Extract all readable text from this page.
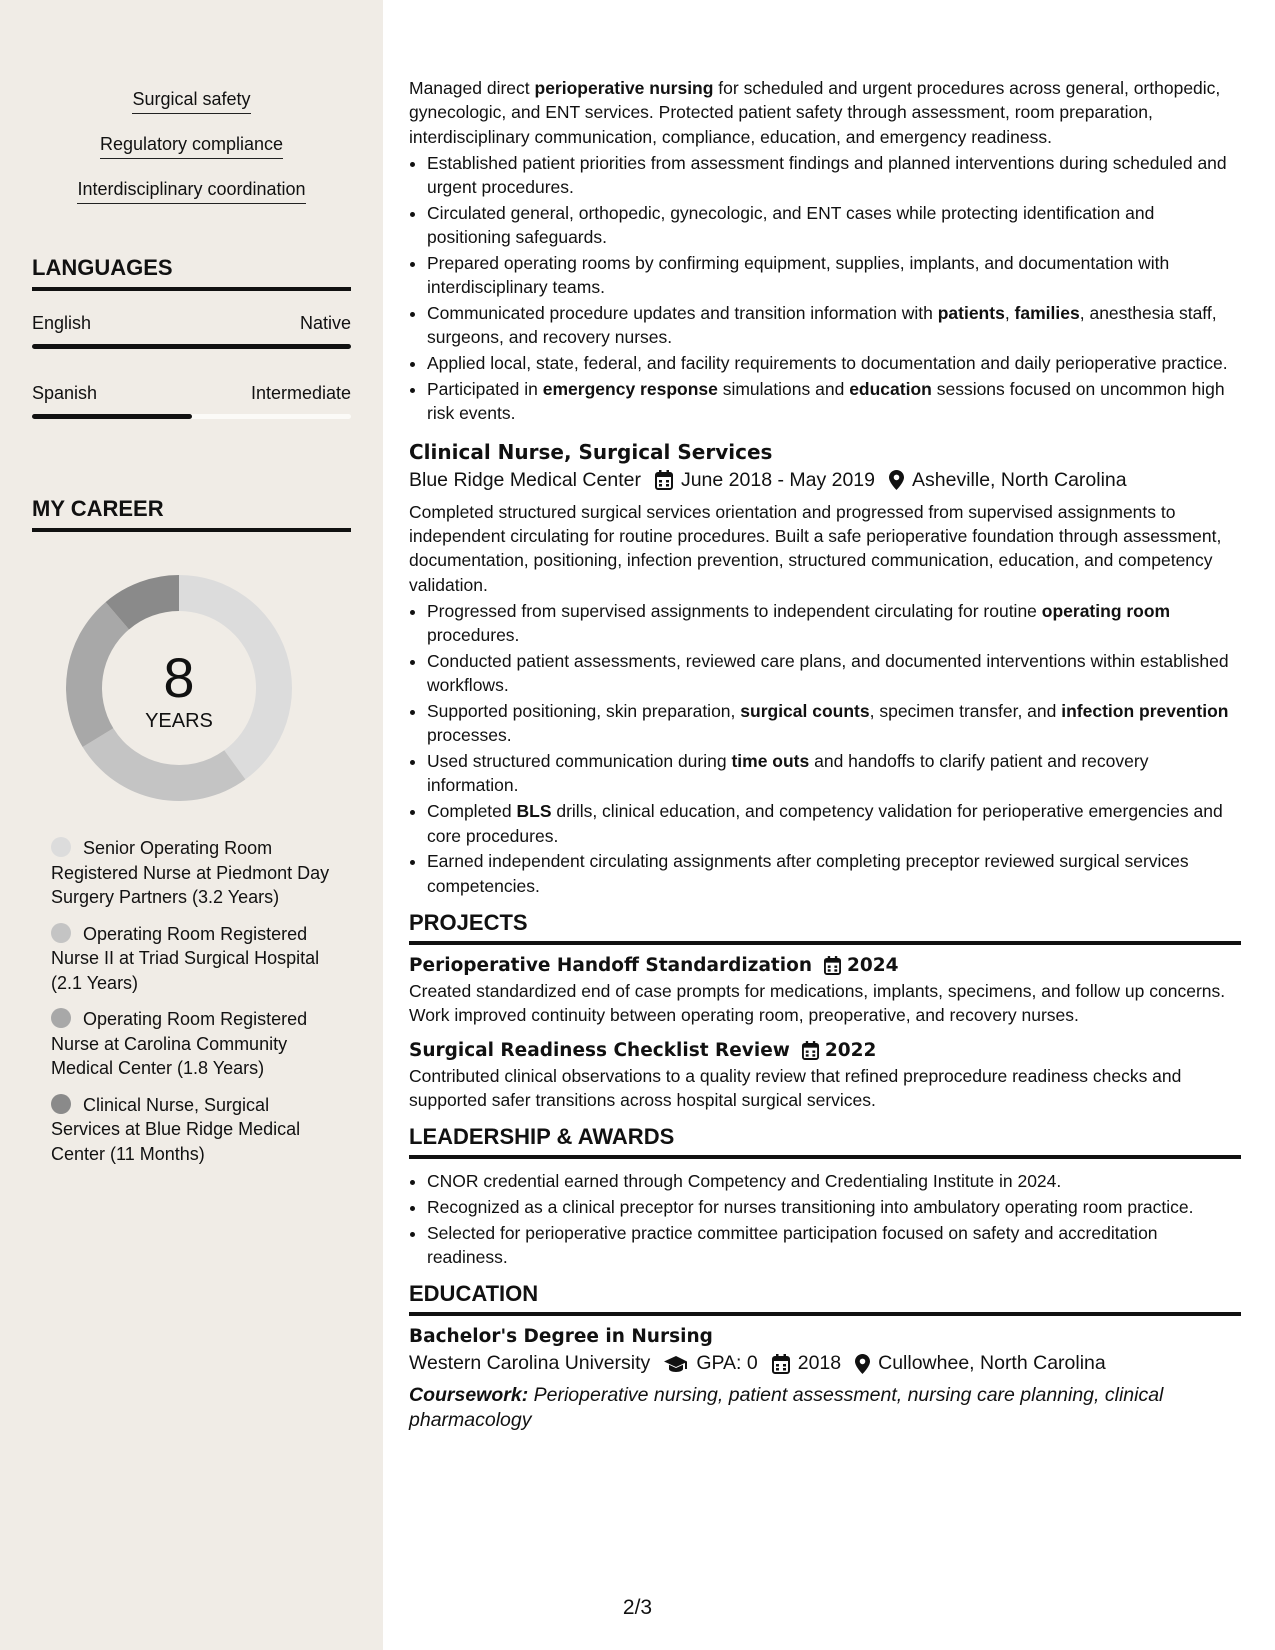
Surgical safety

Regulatory compliance

Interdisciplinary coordination

LANGUAGES
English	Native
Spanish	Intermediate
MY CAREER
8
YEARS
Senior Operating Room Registered Nurse at Piedmont Day Surgery Partners (3.2 Years)
Operating Room Registered Nurse II at Triad Surgical Hospital (2.1 Years)
Operating Room Registered Nurse at Carolina Community Medical Center (1.8 Years)
Clinical Nurse, Surgical Services at Blue Ridge Medical Center (11 Months)

Managed direct perioperative nursing for scheduled and urgent procedures across general, orthopedic, gynecologic, and ENT services. Protected patient safety through assessment, room preparation, interdisciplinary communication, compliance, education, and emergency readiness.

• Established patient priorities from assessment findings and planned interventions during scheduled and urgent procedures.
• Circulated general, orthopedic, gynecologic, and ENT cases while protecting identification and positioning safeguards.
• Prepared operating rooms by confirming equipment, supplies, implants, and documentation with interdisciplinary teams.
• Communicated procedure updates and transition information with patients, families, anesthesia staff, surgeons, and recovery nurses.
• Applied local, state, federal, and facility requirements to documentation and daily perioperative practice.
• Participated in emergency response simulations and education sessions focused on uncommon high risk events.
Clinical Nurse, Surgical Services
Blue Ridge Medical Center June 2018 - May 2019 Asheville, North Carolina

Completed structured surgical services orientation and progressed from supervised assignments to independent circulating for routine procedures. Built a safe perioperative foundation through assessment, documentation, positioning, infection prevention, structured communication, education, and competency validation.

• Progressed from supervised assignments to independent circulating for routine operating room procedures.
• Conducted patient assessments, reviewed care plans, and documented interventions within established workflows.
• Supported positioning, skin preparation, surgical counts, specimen transfer, and infection prevention processes.
• Used structured communication during time outs and handoffs to clarify patient and recovery information.
• Completed BLS drills, clinical education, and competency validation for perioperative emergencies and core procedures.
• Earned independent circulating assignments after completing preceptor reviewed surgical services competencies.
PROJECTS
Perioperative Handoff Standardization 2024

Created standardized end of case prompts for medications, implants, specimens, and follow up concerns. Work improved continuity between operating room, preoperative, and recovery nurses.

Surgical Readiness Checklist Review 2022

Contributed clinical observations to a quality review that refined preprocedure readiness checks and supported safer transitions across hospital surgical services.

LEADERSHIP & AWARDS
• CNOR credential earned through Competency and Credentialing Institute in 2024.
• Recognized as a clinical preceptor for nurses transitioning into ambulatory operating room practice.
• Selected for perioperative practice committee participation focused on safety and accreditation readiness.
EDUCATION
Bachelor's Degree in Nursing
Western Carolina University GPA: 0 2018 Cullowhee, North Carolina

Coursework: Perioperative nursing, patient assessment, nursing care planning, clinical pharmacology

2/3
